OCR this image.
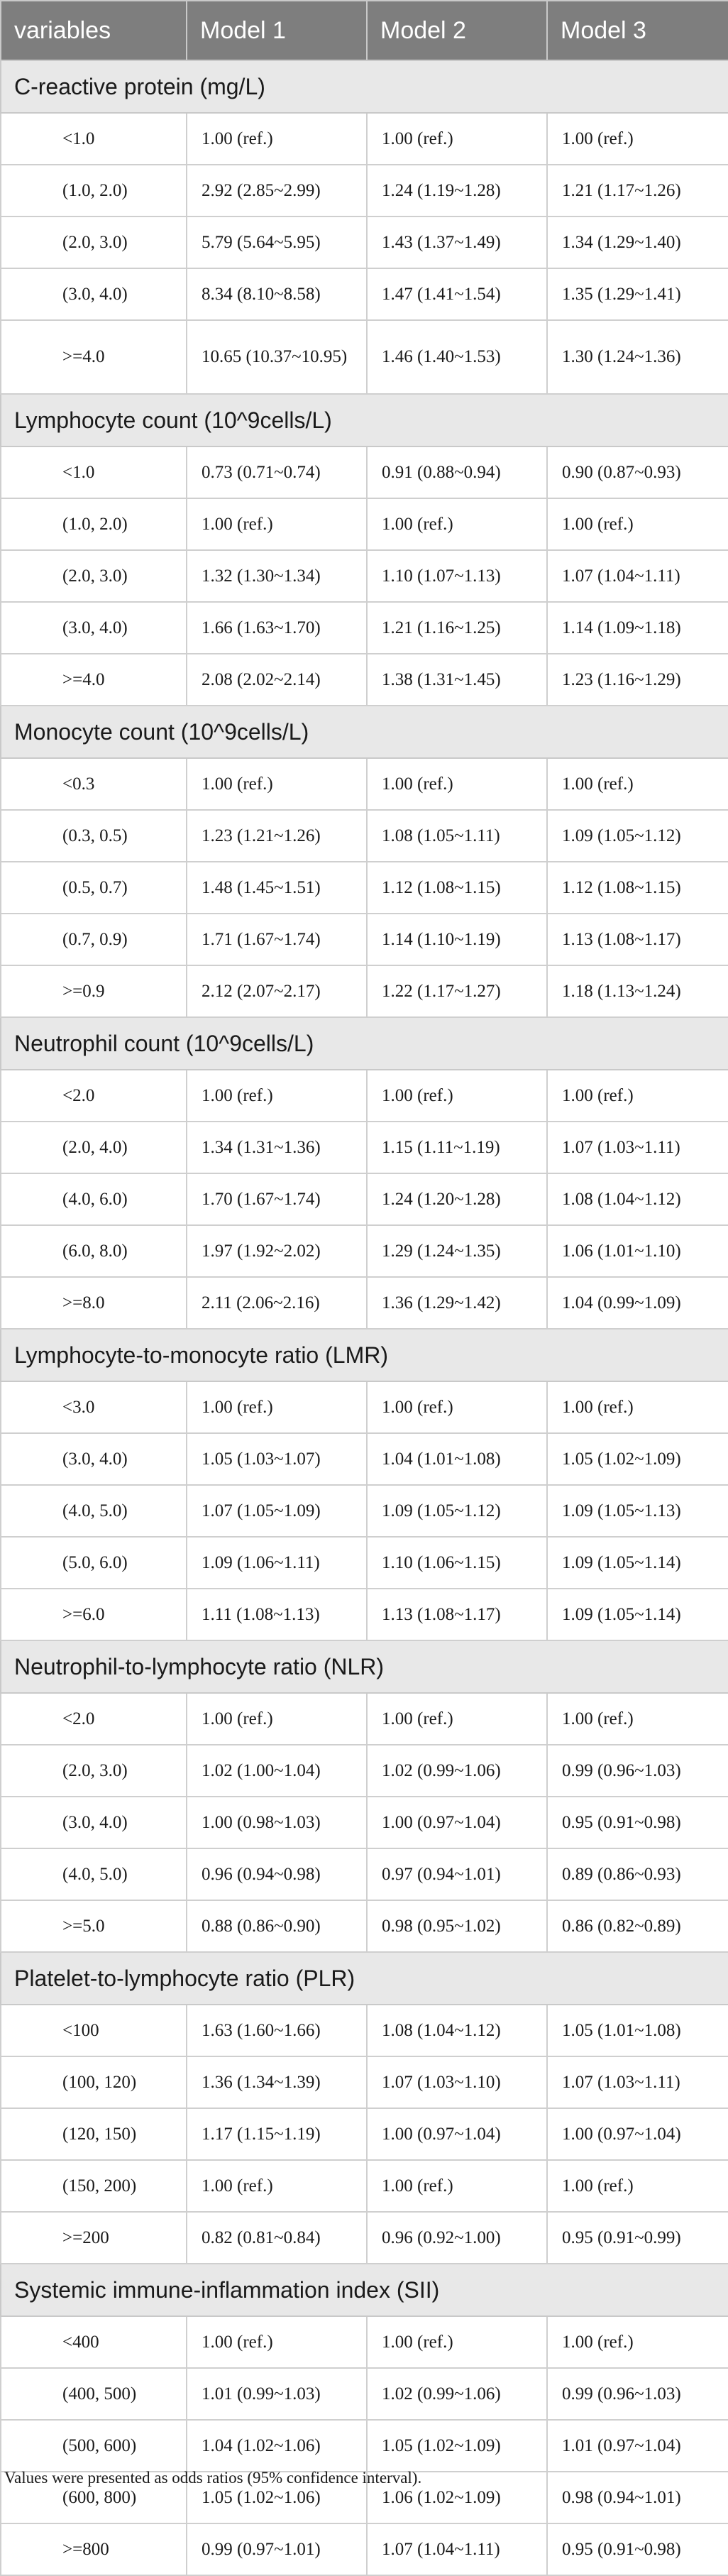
variables	Model 1	Model 2	Model 3
C-reactive protein (mg/L)			
<1.0	1.00 (ref.)	1.00 (ref.)	1.00 (ref.)
(1.0, 2.0)	2.92 (2.85~2.99)	1.24 (1.19~1.28)	1.21 (1.17~1.26)
(2.0, 3.0)	5.79 (5.64~5.95)	1.43 (1.37~1.49)	1.34 (1.29~1.40)
(3.0, 4.0)	8.34 (8.10~8.58)	1.47 (1.41~1.54)	1.35 (1.29~1.41)
>=4.0	10.65 (10.37~10.95)	1.46 (1.40~1.53)	1.30 (1.24~1.36)
Lymphocyte count (10^9cells/L)			
<1.0	0.73 (0.71~0.74)	0.91 (0.88~0.94)	0.90 (0.87~0.93)
(1.0, 2.0)	1.00 (ref.)	1.00 (ref.)	1.00 (ref.)
(2.0, 3.0)	1.32 (1.30~1.34)	1.10 (1.07~1.13)	1.07 (1.04~1.11)
(3.0, 4.0)	1.66 (1.63~1.70)	1.21 (1.16~1.25)	1.14 (1.09~1.18)
>=4.0	2.08 (2.02~2.14)	1.38 (1.31~1.45)	1.23 (1.16~1.29)
Monocyte count (10^9cells/L)			
<0.3	1.00 (ref.)	1.00 (ref.)	1.00 (ref.)
(0.3, 0.5)	1.23 (1.21~1.26)	1.08 (1.05~1.11)	1.09 (1.05~1.12)
(0.5, 0.7)	1.48 (1.45~1.51)	1.12 (1.08~1.15)	1.12 (1.08~1.15)
(0.7, 0.9)	1.71 (1.67~1.74)	1.14 (1.10~1.19)	1.13 (1.08~1.17)
>=0.9	2.12 (2.07~2.17)	1.22 (1.17~1.27)	1.18 (1.13~1.24)
Neutrophil count (10^9cells/L)			
<2.0	1.00 (ref.)	1.00 (ref.)	1.00 (ref.)
(2.0, 4.0)	1.34 (1.31~1.36)	1.15 (1.11~1.19)	1.07 (1.03~1.11)
(4.0, 6.0)	1.70 (1.67~1.74)	1.24 (1.20~1.28)	1.08 (1.04~1.12)
(6.0, 8.0)	1.97 (1.92~2.02)	1.29 (1.24~1.35)	1.06 (1.01~1.10)
>=8.0	2.11 (2.06~2.16)	1.36 (1.29~1.42)	1.04 (0.99~1.09)
Lymphocyte-to-monocyte ratio (LMR)			
<3.0	1.00 (ref.)	1.00 (ref.)	1.00 (ref.)
(3.0, 4.0)	1.05 (1.03~1.07)	1.04 (1.01~1.08)	1.05 (1.02~1.09)
(4.0, 5.0)	1.07 (1.05~1.09)	1.09 (1.05~1.12)	1.09 (1.05~1.13)
(5.0, 6.0)	1.09 (1.06~1.11)	1.10 (1.06~1.15)	1.09 (1.05~1.14)
>=6.0	1.11 (1.08~1.13)	1.13 (1.08~1.17)	1.09 (1.05~1.14)
Neutrophil-to-lymphocyte ratio (NLR)			
<2.0	1.00 (ref.)	1.00 (ref.)	1.00 (ref.)
(2.0, 3.0)	1.02 (1.00~1.04)	1.02 (0.99~1.06)	0.99 (0.96~1.03)
(3.0, 4.0)	1.00 (0.98~1.03)	1.00 (0.97~1.04)	0.95 (0.91~0.98)
(4.0, 5.0)	0.96 (0.94~0.98)	0.97 (0.94~1.01)	0.89 (0.86~0.93)
>=5.0	0.88 (0.86~0.90)	0.98 (0.95~1.02)	0.86 (0.82~0.89)
Platelet-to-lymphocyte ratio (PLR)			
<100	1.63 (1.60~1.66)	1.08 (1.04~1.12)	1.05 (1.01~1.08)
(100, 120)	1.36 (1.34~1.39)	1.07 (1.03~1.10)	1.07 (1.03~1.11)
(120, 150)	1.17 (1.15~1.19)	1.00 (0.97~1.04)	1.00 (0.97~1.04)
(150, 200)	1.00 (ref.)	1.00 (ref.)	1.00 (ref.)
>=200	0.82 (0.81~0.84)	0.96 (0.92~1.00)	0.95 (0.91~0.99)
Systemic immune-inflammation index (SII)			
<400	1.00 (ref.)	1.00 (ref.)	1.00 (ref.)
(400, 500)	1.01 (0.99~1.03)	1.02 (0.99~1.06)	0.99 (0.96~1.03)
(500, 600)	1.04 (1.02~1.06)	1.05 (1.02~1.09)	1.01 (0.97~1.04)
(600, 800)	1.05 (1.02~1.06)	1.06 (1.02~1.09)	0.98 (0.94~1.01)
>=800	0.99 (0.97~1.01)	1.07 (1.04~1.11)	0.95 (0.91~0.98)
Values were presented as odds ratios (95% confidence interval).
